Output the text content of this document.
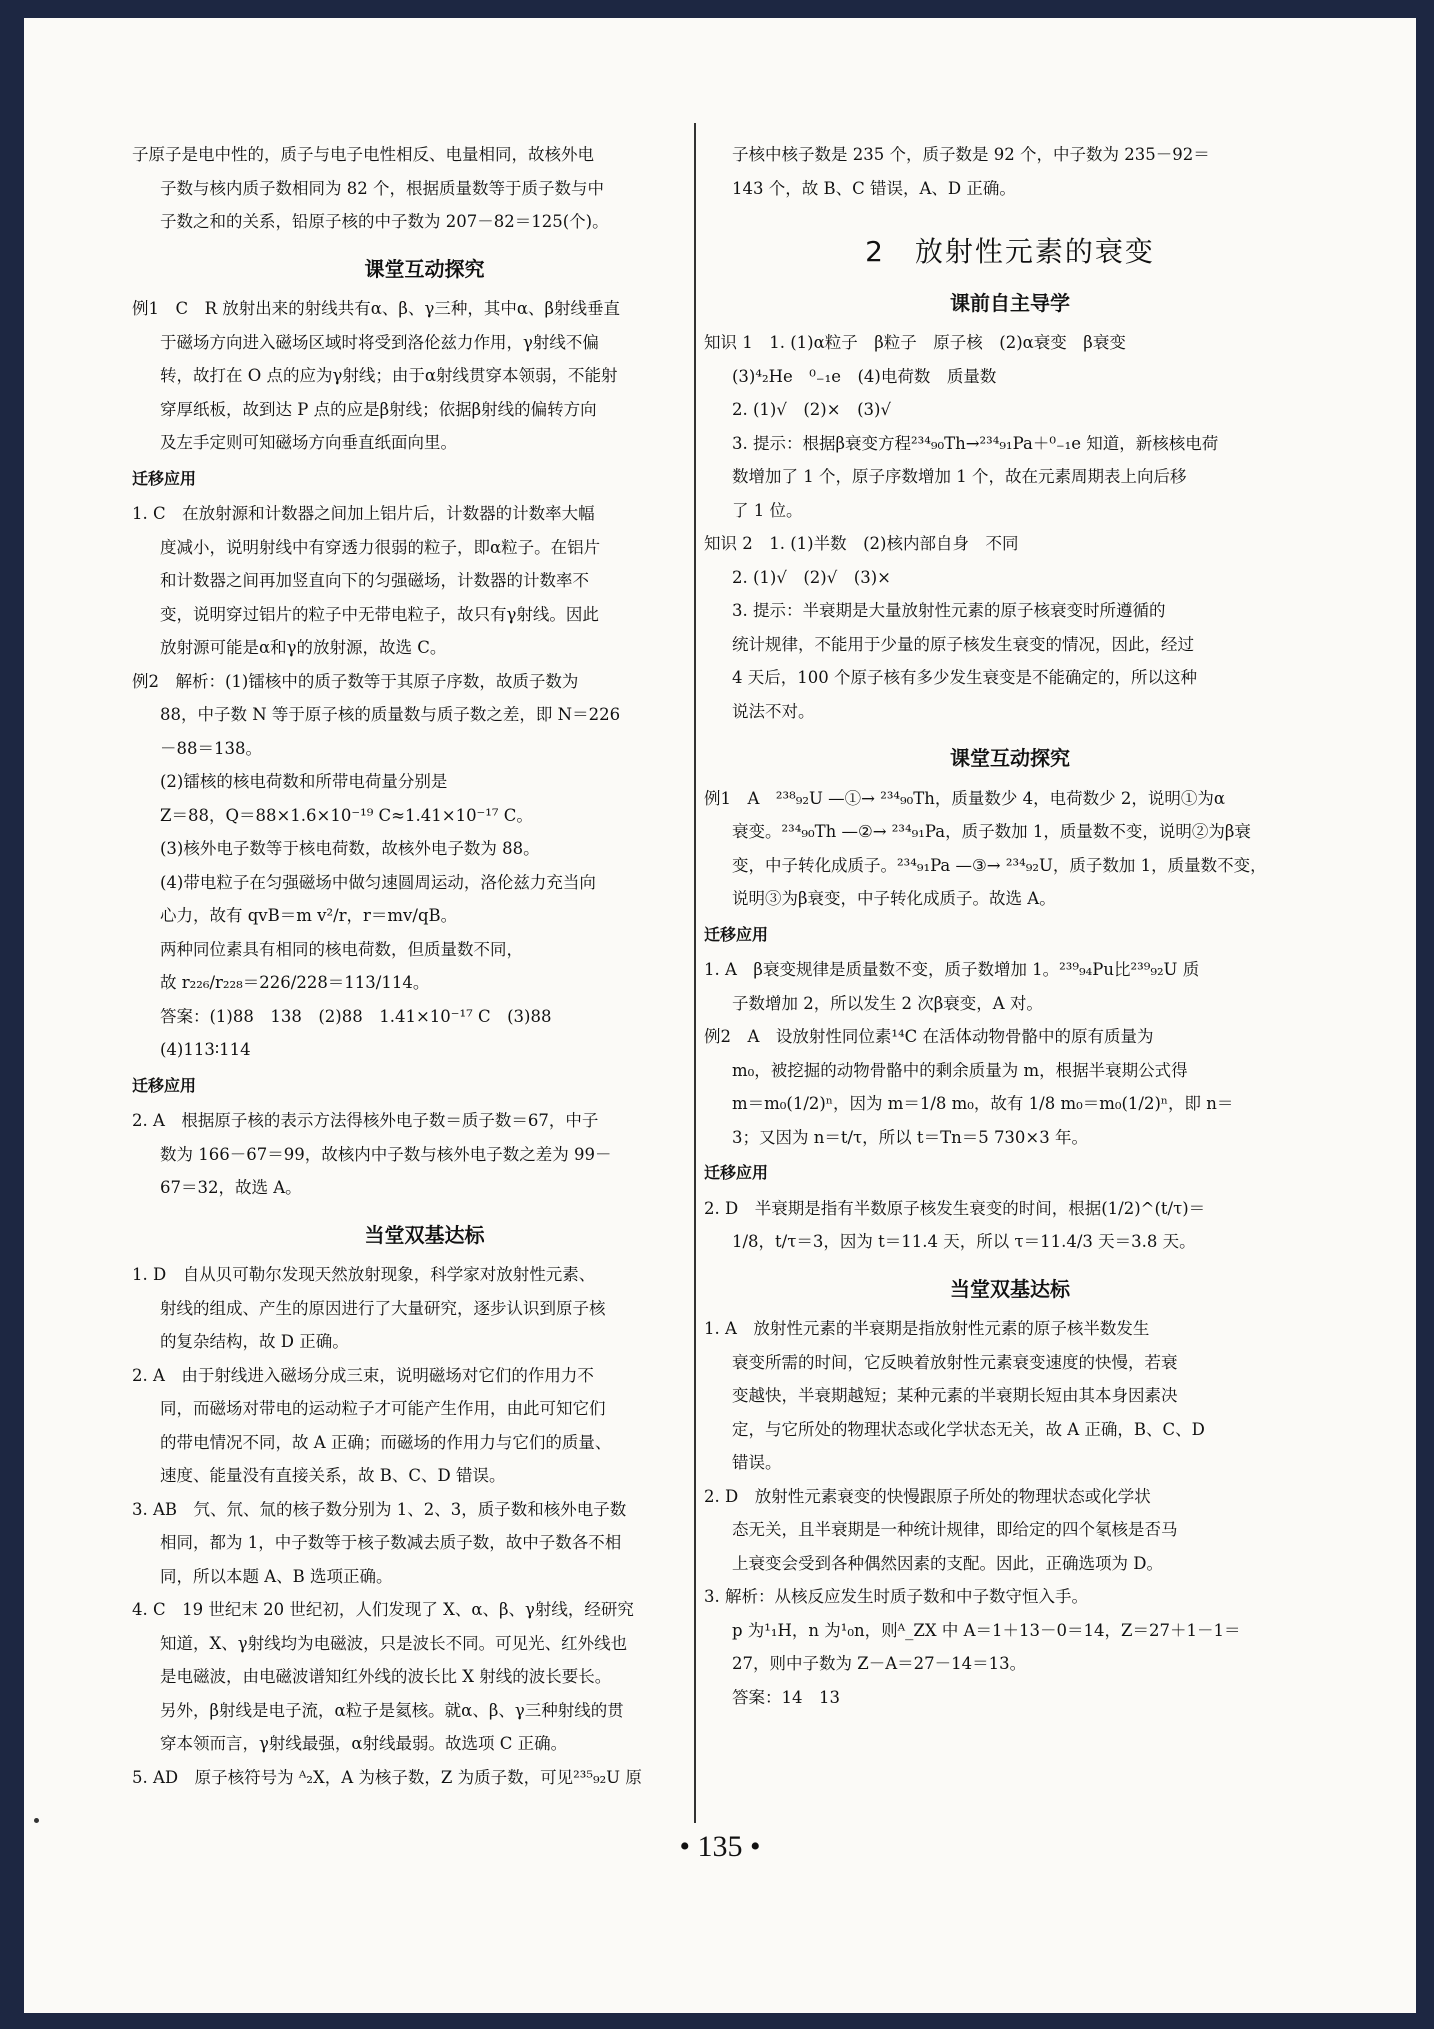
子原子是电中性的，质子与电子电性相反、电量相同，故核外电
子数与核内质子数相同为 82 个，根据质量数等于质子数与中
子数之和的关系，铅原子核的中子数为 207－82＝125(个)。
课堂互动探究
例1　C　R 放射出来的射线共有α、β、γ三种，其中α、β射线垂直
于磁场方向进入磁场区域时将受到洛伦兹力作用，γ射线不偏
转，故打在 O 点的应为γ射线；由于α射线贯穿本领弱，不能射
穿厚纸板，故到达 P 点的应是β射线；依据β射线的偏转方向
及左手定则可知磁场方向垂直纸面向里。
迁移应用
1. C　在放射源和计数器之间加上铝片后，计数器的计数率大幅
度减小，说明射线中有穿透力很弱的粒子，即α粒子。在铝片
和计数器之间再加竖直向下的匀强磁场，计数器的计数率不
变，说明穿过铝片的粒子中无带电粒子，故只有γ射线。因此
放射源可能是α和γ的放射源，故选 C。
例2　解析：(1)镭核中的质子数等于其原子序数，故质子数为
88，中子数 N 等于原子核的质量数与质子数之差，即 N＝226
－88＝138。
(2)镭核的核电荷数和所带电荷量分别是
Z＝88，Q＝88×1.6×10⁻¹⁹ C≈1.41×10⁻¹⁷ C。
(3)核外电子数等于核电荷数，故核外电子数为 88。
(4)带电粒子在匀强磁场中做匀速圆周运动，洛伦兹力充当向
心力，故有 qvB＝m v²/r，r＝mv/qB。
两种同位素具有相同的核电荷数，但质量数不同，
故 r₂₂₆/r₂₂₈＝226/228＝113/114。
答案：(1)88　138　(2)88　1.41×10⁻¹⁷ C　(3)88
(4)113∶114
迁移应用
2. A　根据原子核的表示方法得核外电子数＝质子数＝67，中子
数为 166－67＝99，故核内中子数与核外电子数之差为 99－
67＝32，故选 A。
当堂双基达标
1. D　自从贝可勒尔发现天然放射现象，科学家对放射性元素、
射线的组成、产生的原因进行了大量研究，逐步认识到原子核
的复杂结构，故 D 正确。
2. A　由于射线进入磁场分成三束，说明磁场对它们的作用力不
同，而磁场对带电的运动粒子才可能产生作用，由此可知它们
的带电情况不同，故 A 正确；而磁场的作用力与它们的质量、
速度、能量没有直接关系，故 B、C、D 错误。
3. AB　氕、氘、氚的核子数分别为 1、2、3，质子数和核外电子数
相同，都为 1，中子数等于核子数减去质子数，故中子数各不相
同，所以本题 A、B 选项正确。
4. C　19 世纪末 20 世纪初，人们发现了 X、α、β、γ射线，经研究
知道，X、γ射线均为电磁波，只是波长不同。可见光、红外线也
是电磁波，由电磁波谱知红外线的波长比 X 射线的波长要长。
另外，β射线是电子流，α粒子是氦核。就α、β、γ三种射线的贯
穿本领而言，γ射线最强，α射线最弱。故选项 C 正确。
5. AD　原子核符号为 ᴬ₂X，A 为核子数，Z 为质子数，可见²³⁵₉₂U 原
子核中核子数是 235 个，质子数是 92 个，中子数为 235－92＝
143 个，故 B、C 错误，A、D 正确。
2　放射性元素的衰变
课前自主导学
知识 1　1. (1)α粒子　β粒子　原子核　(2)α衰变　β衰变
(3)⁴₂He　⁰₋₁e　(4)电荷数　质量数
2. (1)√　(2)×　(3)√
3. 提示：根据β衰变方程²³⁴₉₀Th→²³⁴₉₁Pa＋⁰₋₁e 知道，新核核电荷
数增加了 1 个，原子序数增加 1 个，故在元素周期表上向后移
了 1 位。
知识 2　1. (1)半数　(2)核内部自身　不同
2. (1)√　(2)√　(3)×
3. 提示：半衰期是大量放射性元素的原子核衰变时所遵循的
统计规律，不能用于少量的原子核发生衰变的情况，因此，经过
4 天后，100 个原子核有多少发生衰变是不能确定的，所以这种
说法不对。
课堂互动探究
例1　A　²³⁸₉₂U —①→ ²³⁴₉₀Th，质量数少 4，电荷数少 2，说明①为α
衰变。²³⁴₉₀Th —②→ ²³⁴₉₁Pa，质子数加 1，质量数不变，说明②为β衰
变，中子转化成质子。²³⁴₉₁Pa —③→ ²³⁴₉₂U，质子数加 1，质量数不变，
说明③为β衰变，中子转化成质子。故选 A。
迁移应用
1. A　β衰变规律是质量数不变，质子数增加 1。²³⁹₉₄Pu比²³⁹₉₂U 质
子数增加 2，所以发生 2 次β衰变，A 对。
例2　A　设放射性同位素¹⁴C 在活体动物骨骼中的原有质量为
m₀，被挖掘的动物骨骼中的剩余质量为 m，根据半衰期公式得
m＝m₀(1/2)ⁿ，因为 m＝1/8 m₀，故有 1/8 m₀＝m₀(1/2)ⁿ，即 n＝
3；又因为 n＝t/τ，所以 t＝Tn＝5 730×3 年。
迁移应用
2. D　半衰期是指有半数原子核发生衰变的时间，根据(1/2)^(t/τ)＝
1/8，t/τ＝3，因为 t＝11.4 天，所以 τ＝11.4/3 天＝3.8 天。
当堂双基达标
1. A　放射性元素的半衰期是指放射性元素的原子核半数发生
衰变所需的时间，它反映着放射性元素衰变速度的快慢，若衰
变越快，半衰期越短；某种元素的半衰期长短由其本身因素决
定，与它所处的物理状态或化学状态无关，故 A 正确，B、C、D
错误。
2. D　放射性元素衰变的快慢跟原子所处的物理状态或化学状
态无关，且半衰期是一种统计规律，即给定的四个氡核是否马
上衰变会受到各种偶然因素的支配。因此，正确选项为 D。
3. 解析：从核反应发生时质子数和中子数守恒入手。
p 为¹₁H，n 为¹₀n，则ᴬ_ZX 中 A＝1＋13－0＝14，Z＝27＋1－1＝
27，则中子数为 Z－A＝27－14＝13。
答案：14　13
• 135 •
